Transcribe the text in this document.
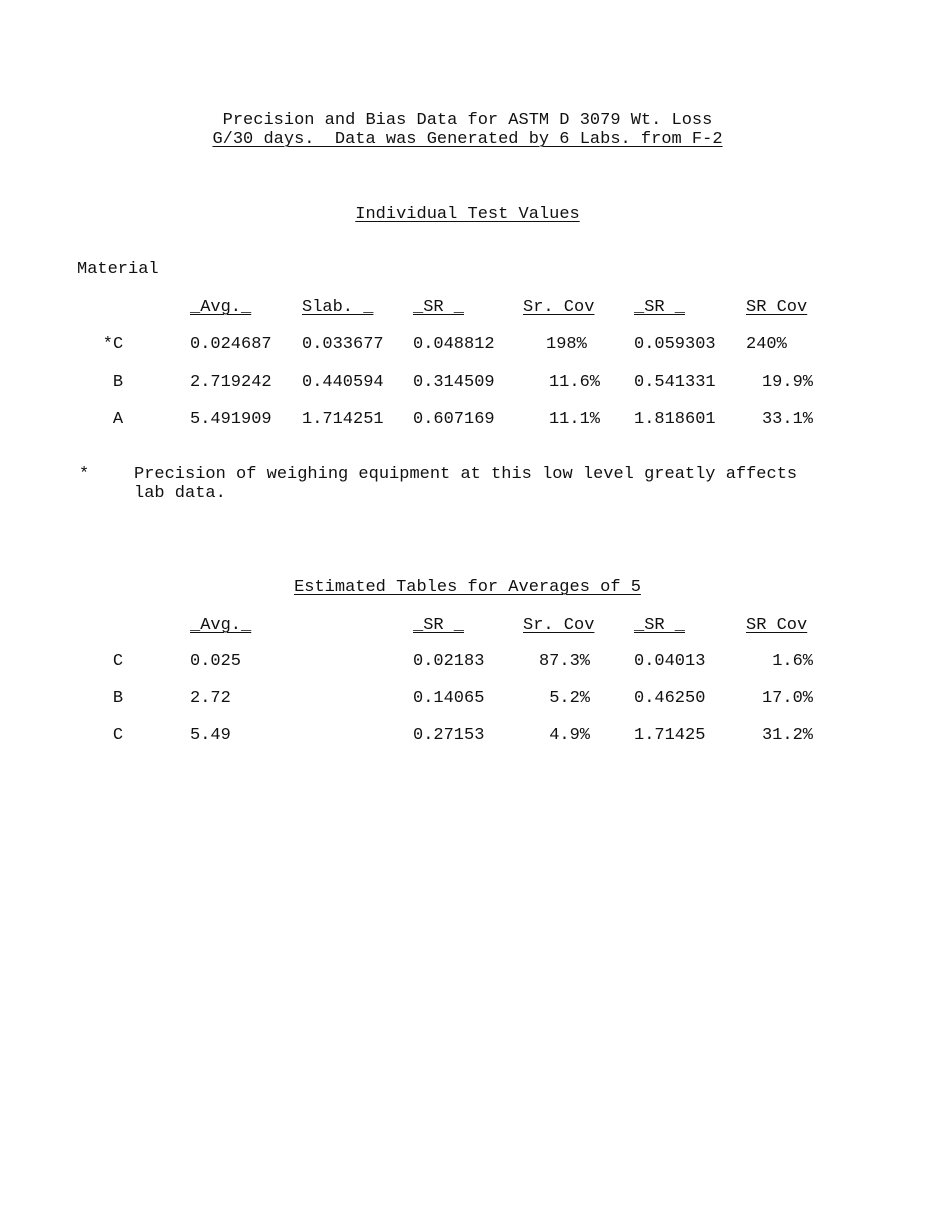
Precision and Bias Data for ASTM D 3079 Wt. Loss
G/30 days.  Data was Generated by 6 Labs. from F-2
Individual Test Values
Material
_Avg._	Slab. _ _SR _	Sr. Cov _SR _	SR Cov
*C	0.024687 0.033677 0.048812	198%	0.059303 240%
B	2.719242 0.440594 0.314509	11.6% 0.541331	19.9%
A	5.491909 1.714251 0.607169	11.1% 1.818601	33.1%
*	Precision of weighing equipment at this low level greatly affects
lab data.
Estimated Tables for Averages of 5
_Avg._	_SR _	Sr. Cov _SR _	SR Cov
C	0.025	0.02183	87.3%	0.04013	1.6%
B	2.72	0.14065	5.2%	0.46250	17.0%
C	5.49	0.27153	4.9%	1.71425	31.2%
